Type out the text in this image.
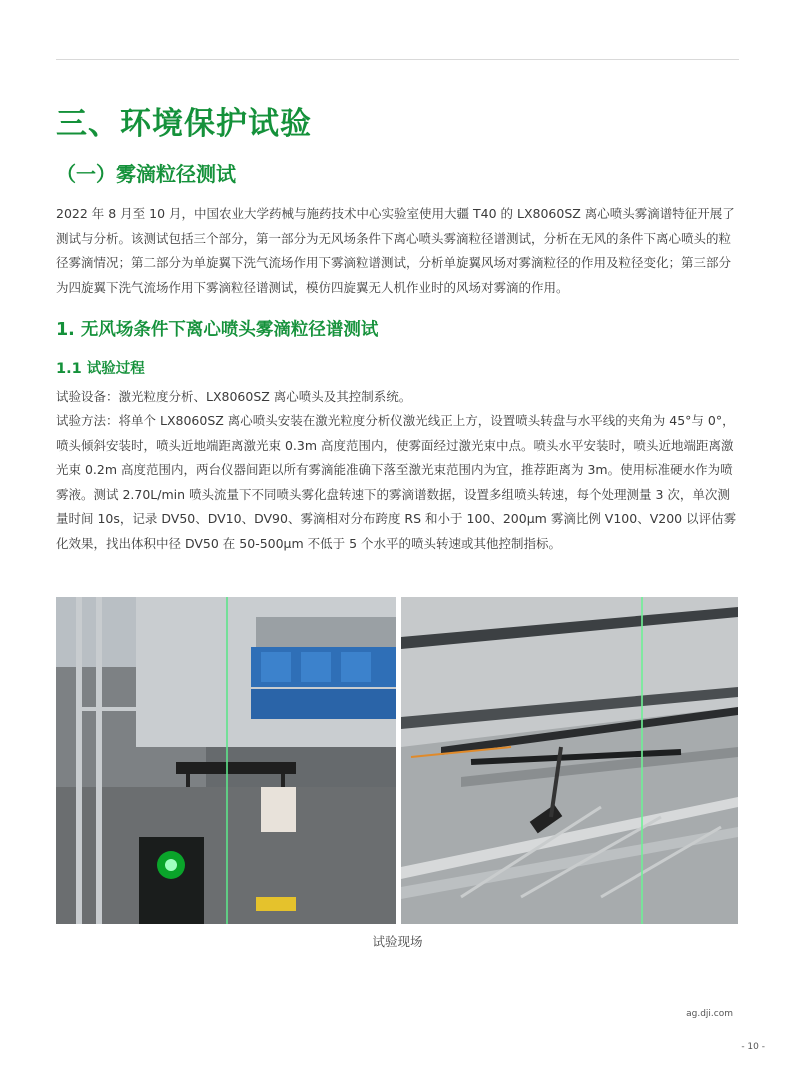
三、环境保护试验
（一）雾滴粒径测试

2022 年 8 月至 10 月，中国农业大学药械与施药技术中心实验室使用大疆 T40 的 LX8060SZ 离心喷头雾滴谱特征开展了测试与分析。该测试包括三个部分，第一部分为无风场条件下离心喷头雾滴粒径谱测试，分析在无风的条件下离心喷头的粒径雾滴情况；第二部分为单旋翼下洗气流场作用下雾滴粒谱测试，分析单旋翼风场对雾滴粒径的作用及粒径变化；第三部分为四旋翼下洗气流场作用下雾滴粒径谱测试，模仿四旋翼无人机作业时的风场对雾滴的作用。

1. 无风场条件下离心喷头雾滴粒径谱测试
1.1 试验过程

试验设备：激光粒度分析、LX8060SZ 离心喷头及其控制系统。

试验方法：将单个 LX8060SZ 离心喷头安装在激光粒度分析仪激光线正上方，设置喷头转盘与水平线的夹角为 45°与 0°，喷头倾斜安装时，喷头近地端距离激光束 0.3m 高度范围内，使雾面经过激光束中点。喷头水平安装时，喷头近地端距离激光束 0.2m 高度范围内，两台仪器间距以所有雾滴能准确下落至激光束范围内为宜，推荐距离为 3m。使用标准硬水作为喷雾液。测试 2.70L/min 喷头流量下不同喷头雾化盘转速下的雾滴谱数据，设置多组喷头转速，每个处理测量 3 次，单次测量时间 10s，记录 DV50、DV10、DV90、雾滴相对分布跨度 RS 和小于 100、200μm 雾滴比例 V100、V200 以评估雾化效果，找出体积中径 DV50 在 50-500μm 不低于 5 个水平的喷头转速或其他控制指标。

试验现场
ag.dji.com
- 10 -
